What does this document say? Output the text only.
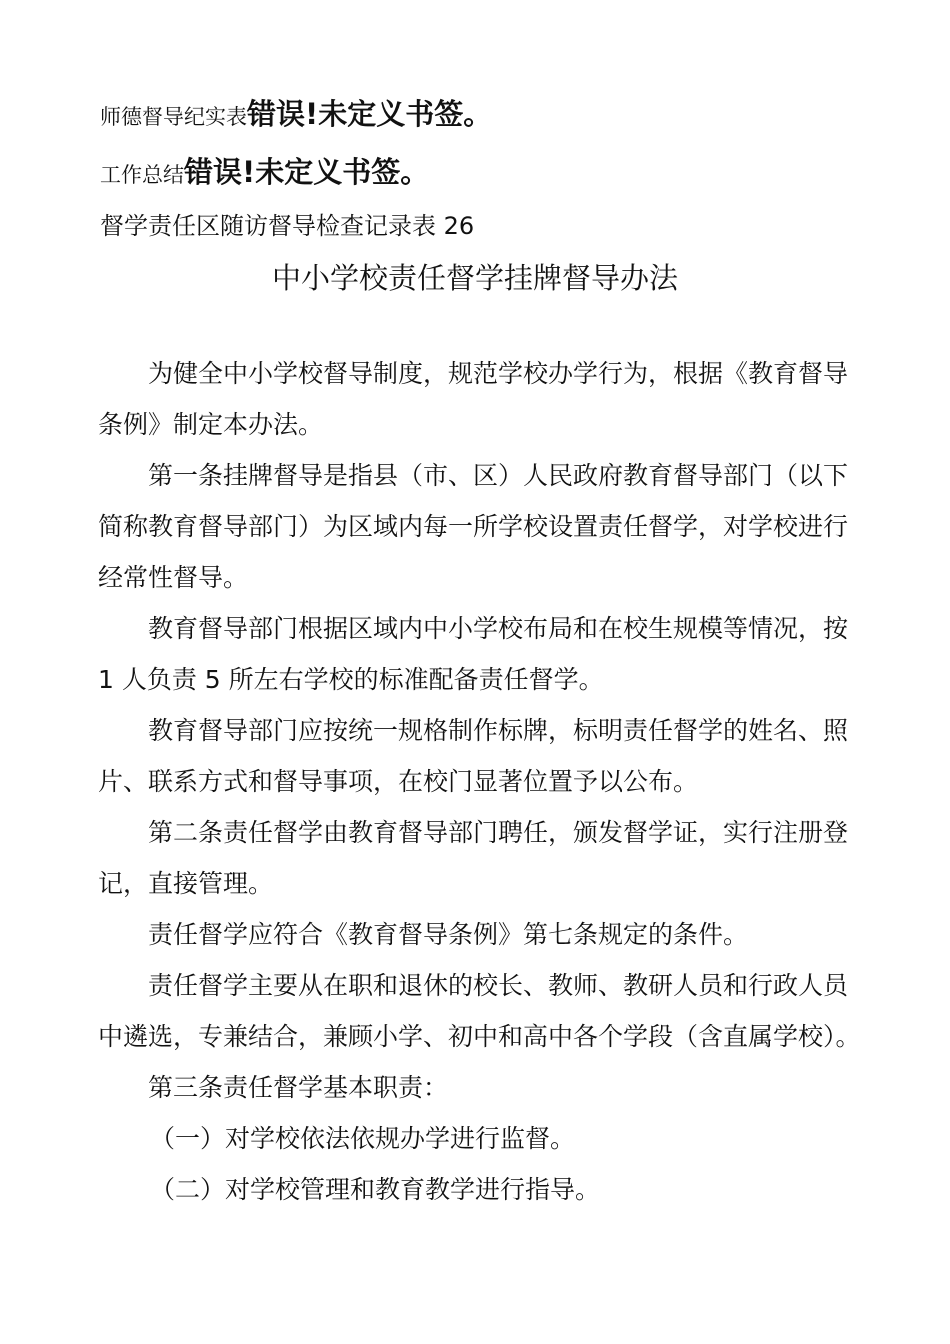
师德督导纪实表错误!未定义书签。
工作总结错误!未定义书签。
督学责任区随访督导检查记录表 26
中小学校责任督学挂牌督导办法

为健全中小学校督导制度，规范学校办学行为，根据《教育督导条例》制定本办法。

第一条挂牌督导是指县（市、区）人民政府教育督导部门（以下简称教育督导部门）为区域内每一所学校设置责任督学，对学校进行经常性督导。

教育督导部门根据区域内中小学校布局和在校生规模等情况，按 1 人负责 5 所左右学校的标准配备责任督学。

教育督导部门应按统一规格制作标牌，标明责任督学的姓名、照片、联系方式和督导事项，在校门显著位置予以公布。

第二条责任督学由教育督导部门聘任，颁发督学证，实行注册登记，直接管理。

责任督学应符合《教育督导条例》第七条规定的条件。

责任督学主要从在职和退休的校长、教师、教研人员和行政人员中遴选，专兼结合，兼顾小学、初中和高中各个学段（含直属学校）。

第三条责任督学基本职责：

（一）对学校依法依规办学进行监督。

（二）对学校管理和教育教学进行指导。
